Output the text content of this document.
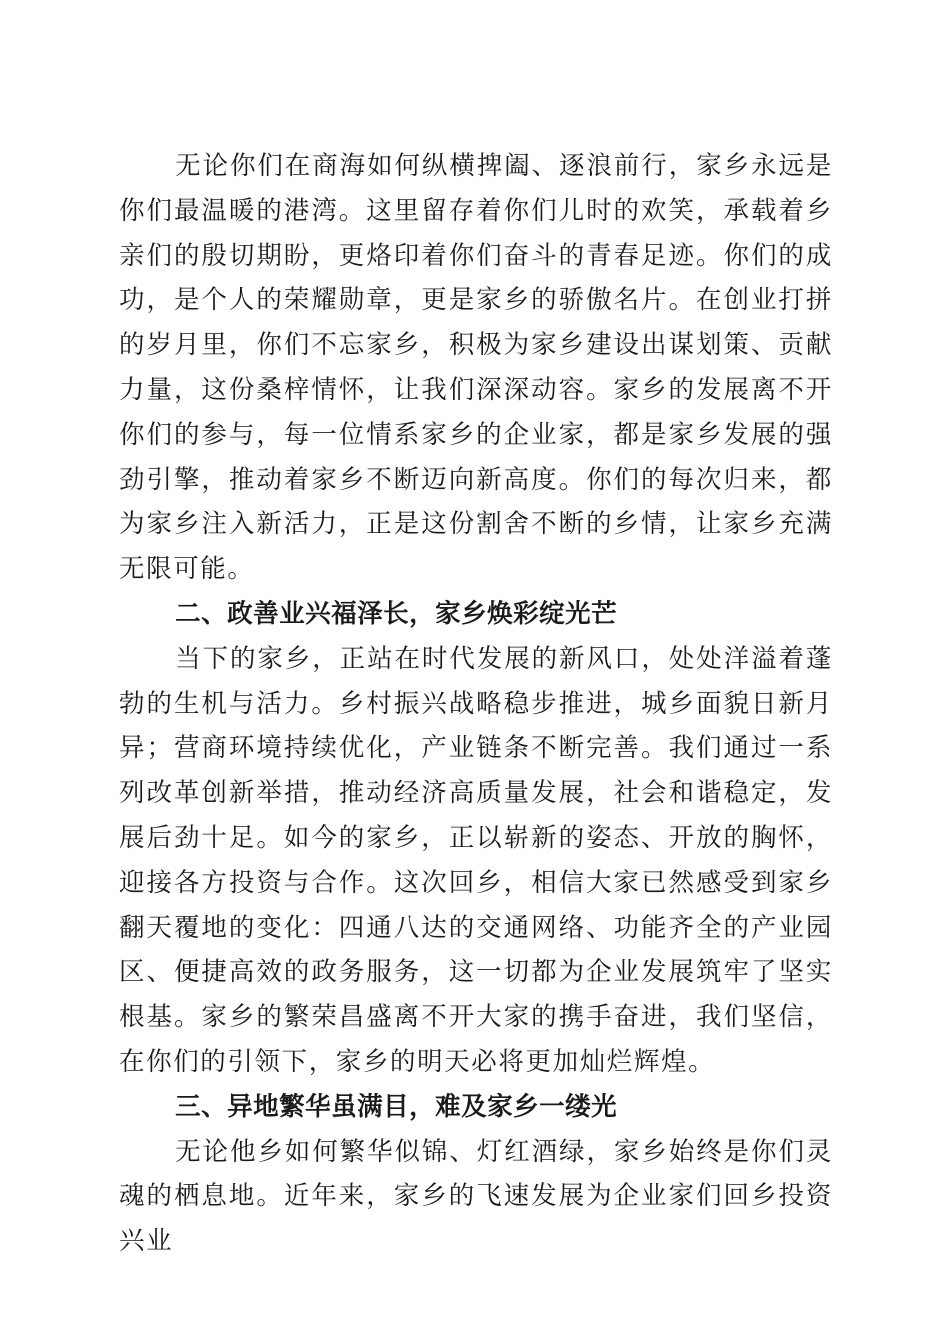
无论你们在商海如何纵横捭阖、逐浪前行，家乡永远是你们最温暖的港湾。这里留存着你们儿时的欢笑，承载着乡亲们的殷切期盼，更烙印着你们奋斗的青春足迹。你们的成功，是个人的荣耀勋章，更是家乡的骄傲名片。在创业打拼的岁月里，你们不忘家乡，积极为家乡建设出谋划策、贡献力量，这份桑梓情怀，让我们深深动容。家乡的发展离不开你们的参与，每一位情系家乡的企业家，都是家乡发展的强劲引擎，推动着家乡不断迈向新高度。你们的每次归来，都为家乡注入新活力，正是这份割舍不断的乡情，让家乡充满无限可能。

二、政善业兴福泽长，家乡焕彩绽光芒

当下的家乡，正站在时代发展的新风口，处处洋溢着蓬勃的生机与活力。乡村振兴战略稳步推进，城乡面貌日新月异；营商环境持续优化，产业链条不断完善。我们通过一系列改革创新举措，推动经济高质量发展，社会和谐稳定，发展后劲十足。如今的家乡，正以崭新的姿态、开放的胸怀，迎接各方投资与合作。这次回乡，相信大家已然感受到家乡翻天覆地的变化：四通八达的交通网络、功能齐全的产业园区、便捷高效的政务服务，这一切都为企业发展筑牢了坚实根基。家乡的繁荣昌盛离不开大家的携手奋进，我们坚信，在你们的引领下，家乡的明天必将更加灿烂辉煌。

三、异地繁华虽满目，难及家乡一缕光

无论他乡如何繁华似锦、灯红酒绿，家乡始终是你们灵魂的栖息地。近年来，家乡的飞速发展为企业家们回乡投资兴业
